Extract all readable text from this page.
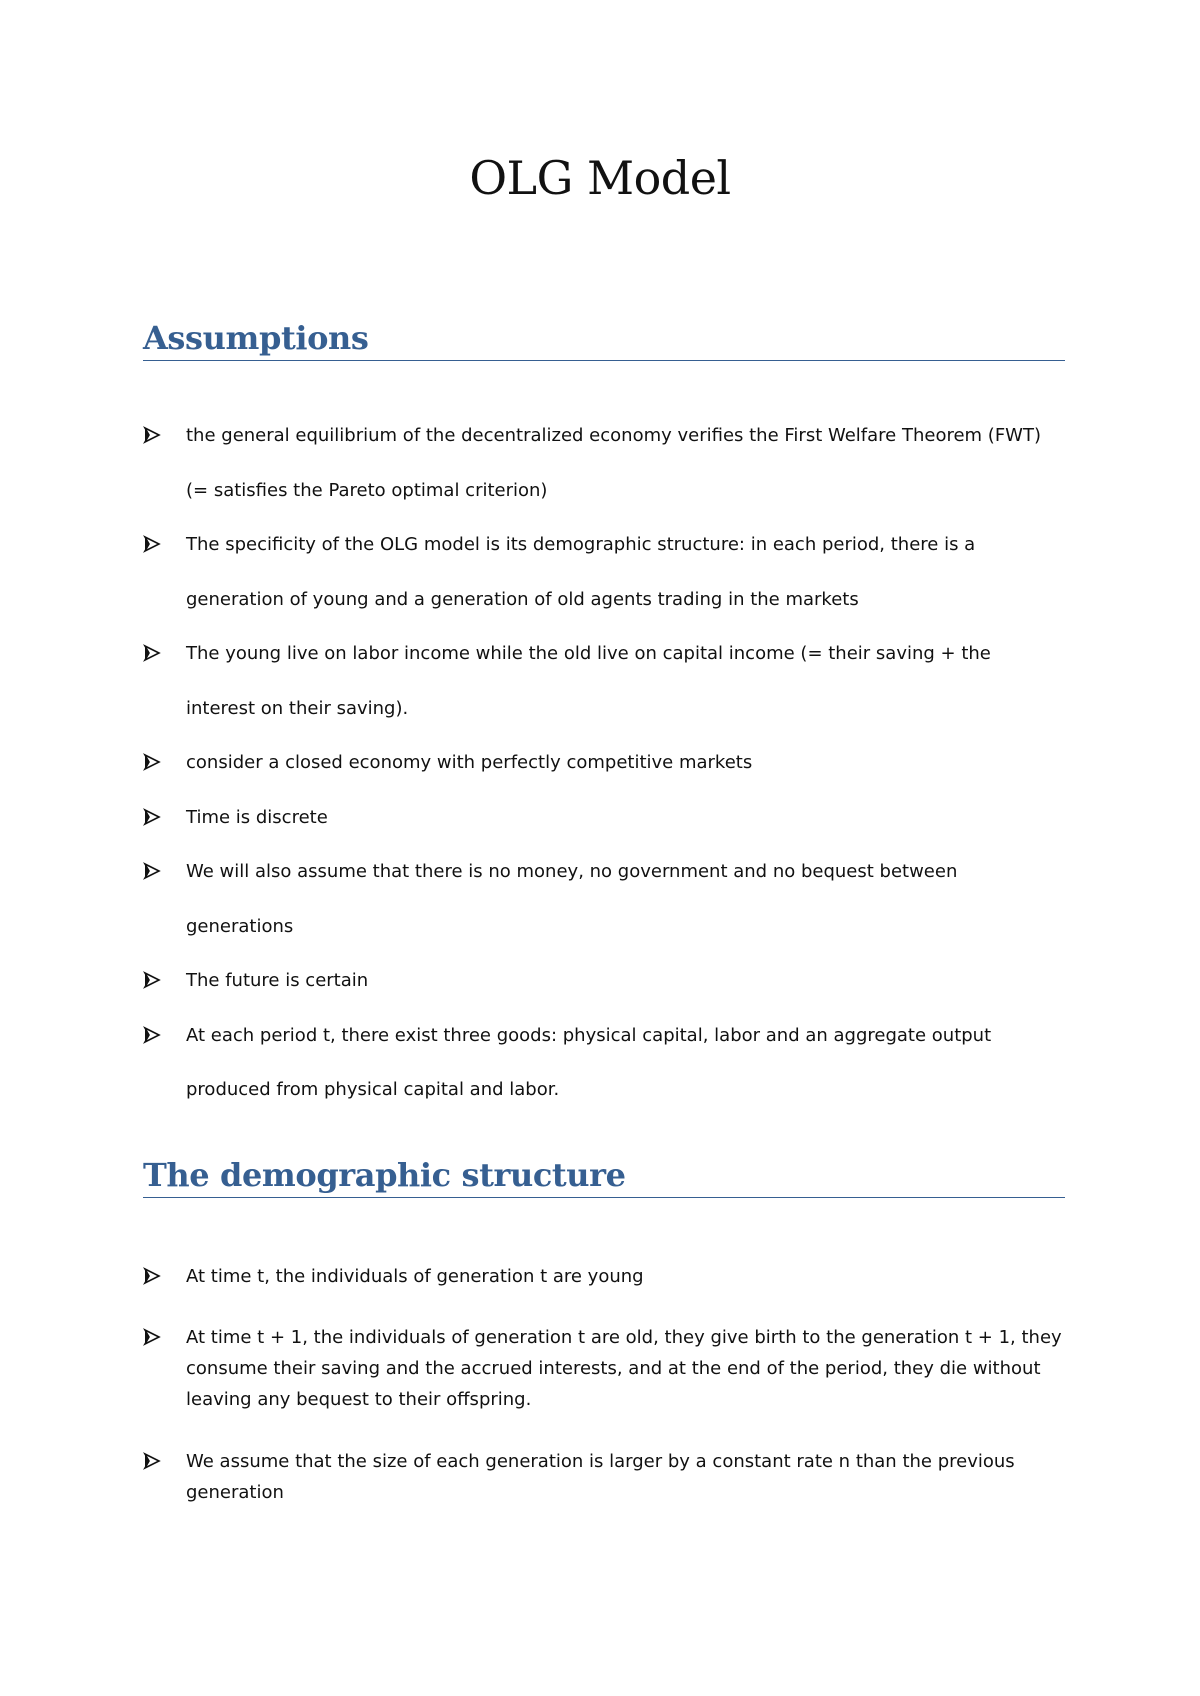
OLG Model
Assumptions
the general equilibrium of the decentralized economy verifies the First Welfare Theorem (FWT) (= satisfies the Pareto optimal criterion)
The specificity of the OLG model is its demographic structure: in each period, there is a generation of young and a generation of old agents trading in the markets
The young live on labor income while the old live on capital income (= their saving + the interest on their saving).
consider a closed economy with perfectly competitive markets
Time is discrete
We will also assume that there is no money, no government and no bequest between generations
The future is certain
At each period t, there exist three goods: physical capital, labor and an aggregate output produced from physical capital and labor.
The demographic structure
At time t, the individuals of generation t are young
At time t + 1, the individuals of generation t are old, they give birth to the generation t + 1, they consume their saving and the accrued interests, and at the end of the period, they die without leaving any bequest to their offspring.
We assume that the size of each generation is larger by a constant rate n than the previous generation
